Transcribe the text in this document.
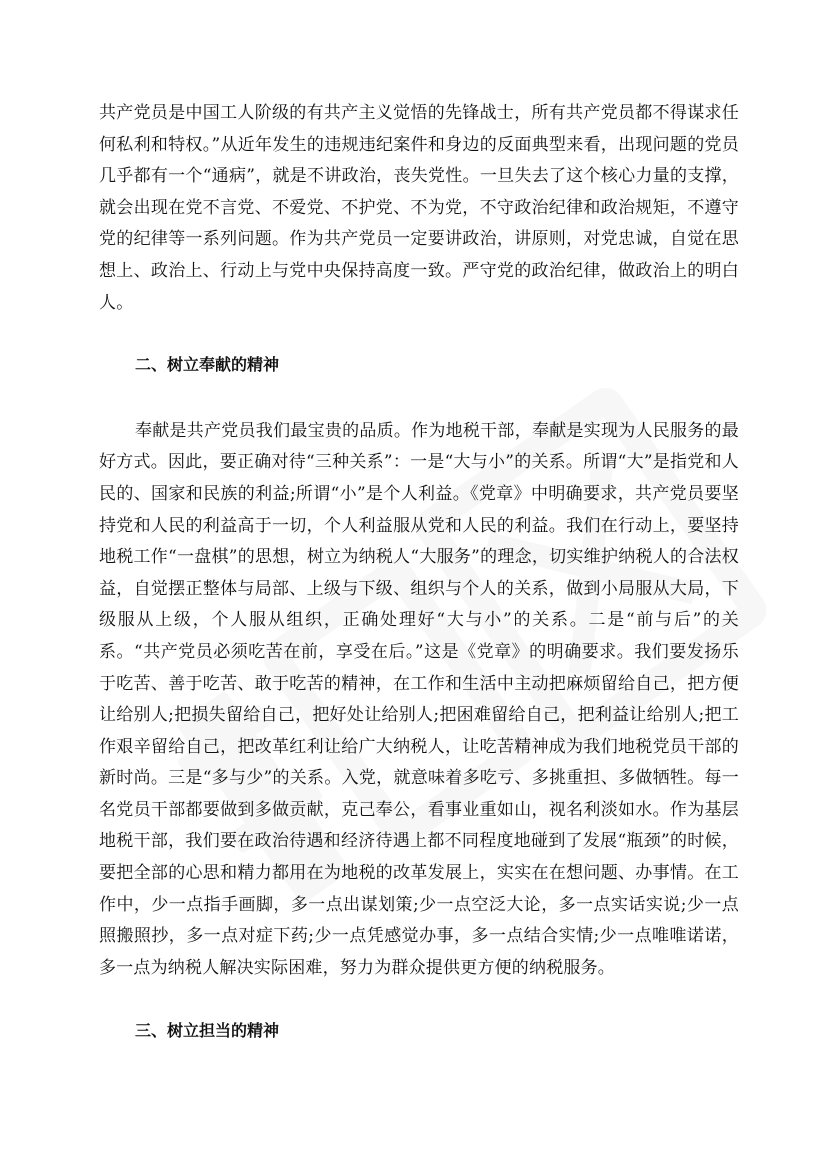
共产党员是中国工人阶级的有共产主义觉悟的先锋战士，所有共产党员都不得谋求任何私利和特权。”从近年发生的违规违纪案件和身边的反面典型来看，出现问题的党员几乎都有一个“通病”，就是不讲政治，丧失党性。一旦失去了这个核心力量的支撑，就会出现在党不言党、不爱党、不护党、不为党，不守政治纪律和政治规矩，不遵守党的纪律等一系列问题。作为共产党员一定要讲政治，讲原则，对党忠诚，自觉在思想上、政治上、行动上与党中央保持高度一致。严守党的政治纪律，做政治上的明白人。

二、树立奉献的精神

奉献是共产党员我们最宝贵的品质。作为地税干部，奉献是实现为人民服务的最好方式。因此，要正确对待“三种关系”：一是“大与小”的关系。所谓“大”是指党和人民的、国家和民族的利益;所谓“小”是个人利益。《党章》中明确要求，共产党员要坚持党和人民的利益高于一切，个人利益服从党和人民的利益。我们在行动上，要坚持地税工作“一盘棋”的思想，树立为纳税人“大服务”的理念，切实维护纳税人的合法权益，自觉摆正整体与局部、上级与下级、组织与个人的关系，做到小局服从大局，下级服从上级，个人服从组织，正确处理好“大与小”的关系。二是“前与后”的关系。“共产党员必须吃苦在前，享受在后。”这是《党章》的明确要求。我们要发扬乐于吃苦、善于吃苦、敢于吃苦的精神，在工作和生活中主动把麻烦留给自己，把方便让给别人;把损失留给自己，把好处让给别人;把困难留给自己，把利益让给别人;把工作艰辛留给自己，把改革红利让给广大纳税人，让吃苦精神成为我们地税党员干部的新时尚。三是“多与少”的关系。入党，就意味着多吃亏、多挑重担、多做牺牲。每一名党员干部都要做到多做贡献，克己奉公，看事业重如山，视名利淡如水。作为基层地税干部，我们要在政治待遇和经济待遇上都不同程度地碰到了发展“瓶颈”的时候，要把全部的心思和精力都用在为地税的改革发展上，实实在在想问题、办事情。在工作中，少一点指手画脚，多一点出谋划策;少一点空泛大论，多一点实话实说;少一点照搬照抄，多一点对症下药;少一点凭感觉办事，多一点结合实情;少一点唯唯诺诺，多一点为纳税人解决实际困难，努力为群众提供更方便的纳税服务。

三、树立担当的精神
